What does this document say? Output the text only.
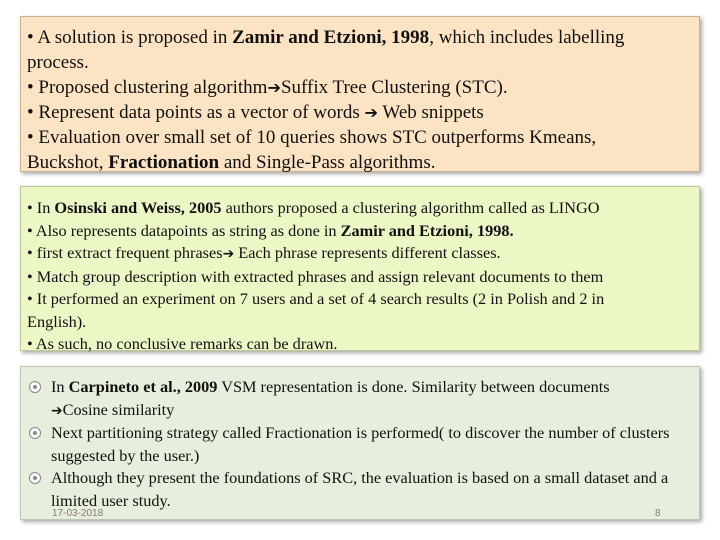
• A solution is proposed in Zamir and Etzioni, 1998, which includes labelling
process.
• Proposed clustering algorithm➔Suffix Tree Clustering (STC).
• Represent data points as a vector of words ➔ Web snippets
• Evaluation over small set of 10 queries shows STC outperforms Kmeans,
Buckshot, Fractionation and Single-Pass algorithms.
• In Osinski and Weiss, 2005 authors proposed a clustering algorithm called as LINGO
• Also represents datapoints as string as done in Zamir and Etzioni, 1998.
• first extract frequent phrases➔ Each phrase represents different classes.
• Match group description with extracted phrases and assign relevant documents to them
• It performed an experiment on 7 users and a set of 4 search results (2 in Polish and 2 in
English).
• As such, no conclusive remarks can be drawn.
In Carpineto et al., 2009 VSM representation is done. Similarity between documents
➔Cosine similarity
Next partitioning strategy called Fractionation is performed( to discover the number of clusters suggested by the user.)
Although they present the foundations of SRC, the evaluation is based on a small dataset and a limited user study.
17-03-2018	8
